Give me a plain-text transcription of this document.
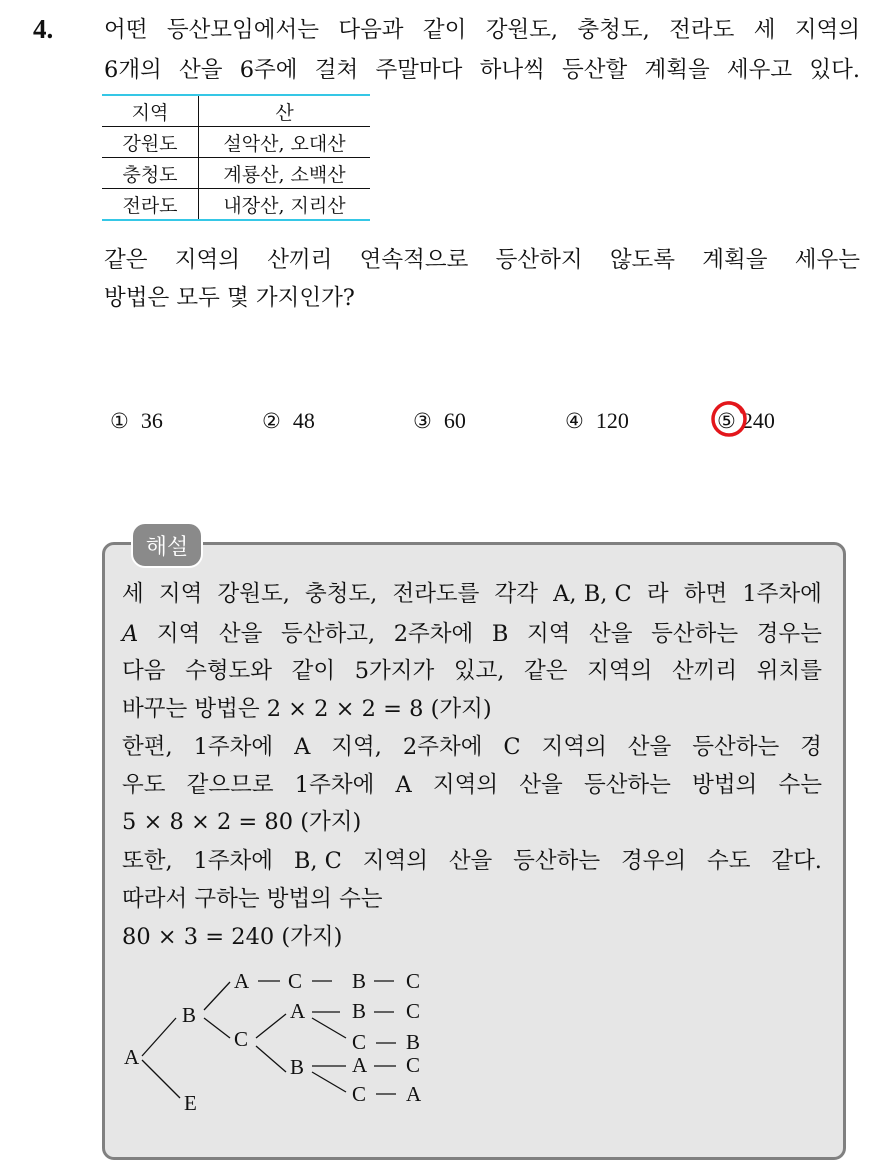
4. 어떤 등산모임에서는 다음과 같이 강원도, 충청도, 전라도 세 지역의
6개의 산을 6주에 걸쳐 주말마다 하나씩 등산할 계획을 세우고 있다.
지역	산
강원도	설악산, 오대산
충청도	계룡산, 소백산
전라도	내장산, 지리산
같은 지역의 산끼리 연속적으로 등산하지 않도록 계획을 세우는
방법은 모두 몇 가지인가?
① 36	② 48	③ 60	④ 120	⑤ 240
해설
세 지역 강원도, 충청도, 전라도를 각각 A, B, C 라 하면 1주차에
A 지역 산을 등산하고, 2주차에 B 지역 산을 등산하는 경우는
다음 수형도와 같이 5가지가 있고, 같은 지역의 산끼리 위치를
바꾸는 방법은 2 × 2 × 2 = 8 (가지)
한편, 1주차에 A 지역, 2주차에 C 지역의 산을 등산하는 경
우도 같으므로 1주차에 A 지역의 산을 등산하는 방법의 수는
5 × 8 × 2 = 80 (가지)
또한, 1주차에 B, C 지역의 산을 등산하는 경우의 수도 같다.
따라서 구하는 방법의 수는
80 × 3 = 240 (가지)
A
B
E
A C B C
C
A B C
C B
B A C
C A
